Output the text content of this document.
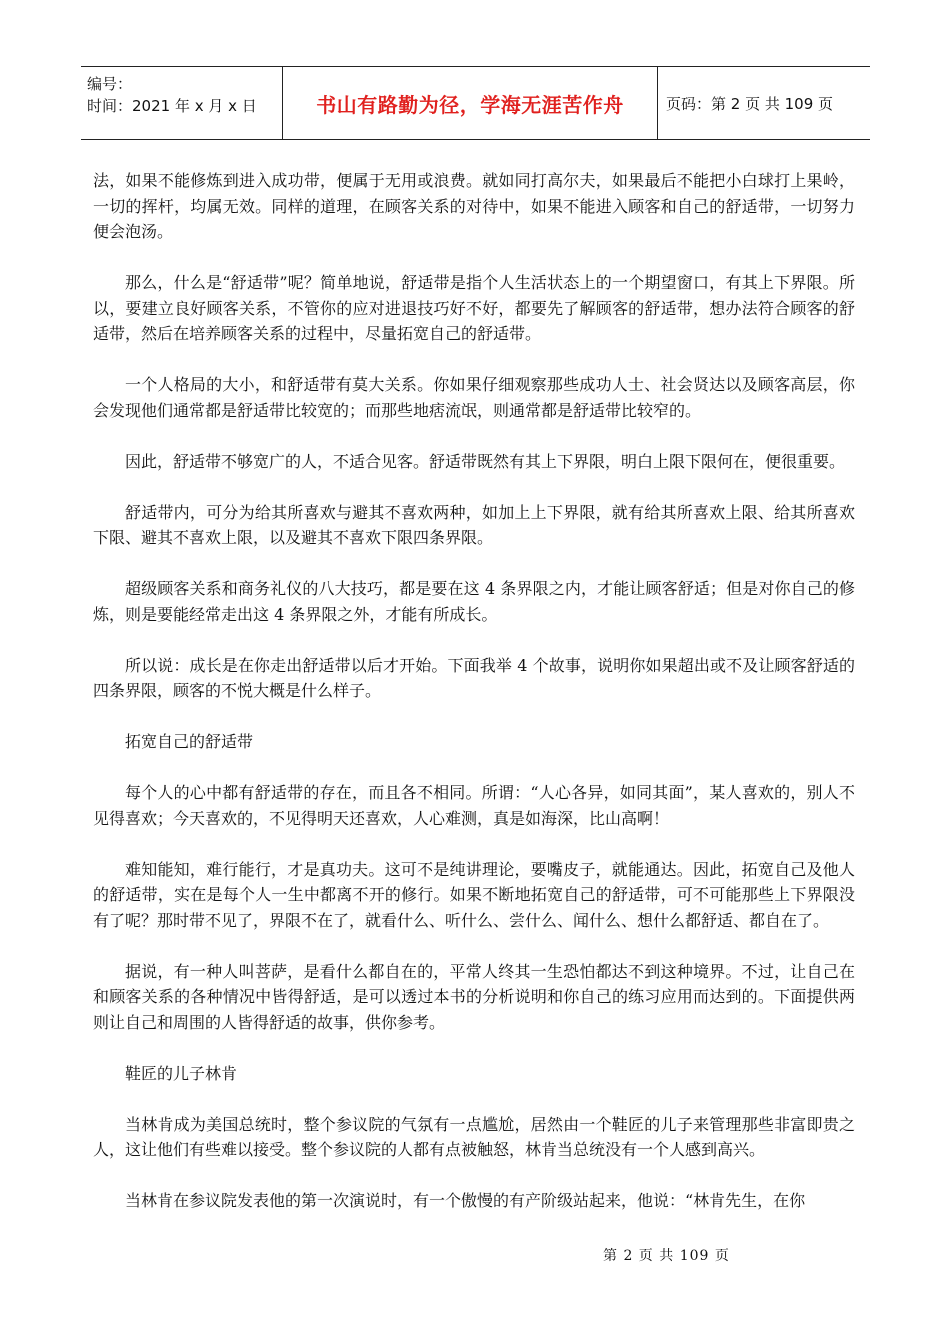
编号：
时间：2021 年 x 月 x 日	书山有路勤为径，学海无涯苦作舟	页码：第 2 页 共 109 页

法，如果不能修炼到进入成功带，便属于无用或浪费。就如同打高尔夫，如果最后不能把小白球打上果岭，一切的挥杆，均属无效。同样的道理，在顾客关系的对待中，如果不能进入顾客和自己的舒适带，一切努力便会泡汤。

那么，什么是“舒适带”呢？简单地说，舒适带是指个人生活状态上的一个期望窗口，有其上下界限。所以，要建立良好顾客关系，不管你的应对进退技巧好不好，都要先了解顾客的舒适带，想办法符合顾客的舒适带，然后在培养顾客关系的过程中，尽量拓宽自己的舒适带。

一个人格局的大小，和舒适带有莫大关系。你如果仔细观察那些成功人士、社会贤达以及顾客高层，你会发现他们通常都是舒适带比较宽的；而那些地痞流氓，则通常都是舒适带比较窄的。

因此，舒适带不够宽广的人，不适合见客。舒适带既然有其上下界限，明白上限下限何在，便很重要。

舒适带内，可分为给其所喜欢与避其不喜欢两种，如加上上下界限，就有给其所喜欢上限、给其所喜欢下限、避其不喜欢上限，以及避其不喜欢下限四条界限。

超级顾客关系和商务礼仪的八大技巧，都是要在这 4 条界限之内，才能让顾客舒适；但是对你自己的修炼，则是要能经常走出这 4 条界限之外，才能有所成长。

所以说：成长是在你走出舒适带以后才开始。下面我举 4 个故事，说明你如果超出或不及让顾客舒适的四条界限，顾客的不悦大概是什么样子。

拓宽自己的舒适带

每个人的心中都有舒适带的存在，而且各不相同。所谓：“人心各异，如同其面”，某人喜欢的，别人不见得喜欢；今天喜欢的，不见得明天还喜欢，人心难测，真是如海深，比山高啊！

难知能知，难行能行，才是真功夫。这可不是纯讲理论，要嘴皮子，就能通达。因此，拓宽自己及他人的舒适带，实在是每个人一生中都离不开的修行。如果不断地拓宽自己的舒适带，可不可能那些上下界限没有了呢？那时带不见了，界限不在了，就看什么、听什么、尝什么、闻什么、想什么都舒适、都自在了。

据说，有一种人叫菩萨，是看什么都自在的，平常人终其一生恐怕都达不到这种境界。不过，让自己在和顾客关系的各种情况中皆得舒适，是可以透过本书的分析说明和你自己的练习应用而达到的。下面提供两则让自己和周围的人皆得舒适的故事，供你参考。

鞋匠的儿子林肯

当林肯成为美国总统时，整个参议院的气氛有一点尴尬，居然由一个鞋匠的儿子来管理那些非富即贵之人，这让他们有些难以接受。整个参议院的人都有点被触怒，林肯当总统没有一个人感到高兴。

当林肯在参议院发表他的第一次演说时，有一个傲慢的有产阶级站起来，他说：“林肯先生，在你

第 2 页 共 109 页
